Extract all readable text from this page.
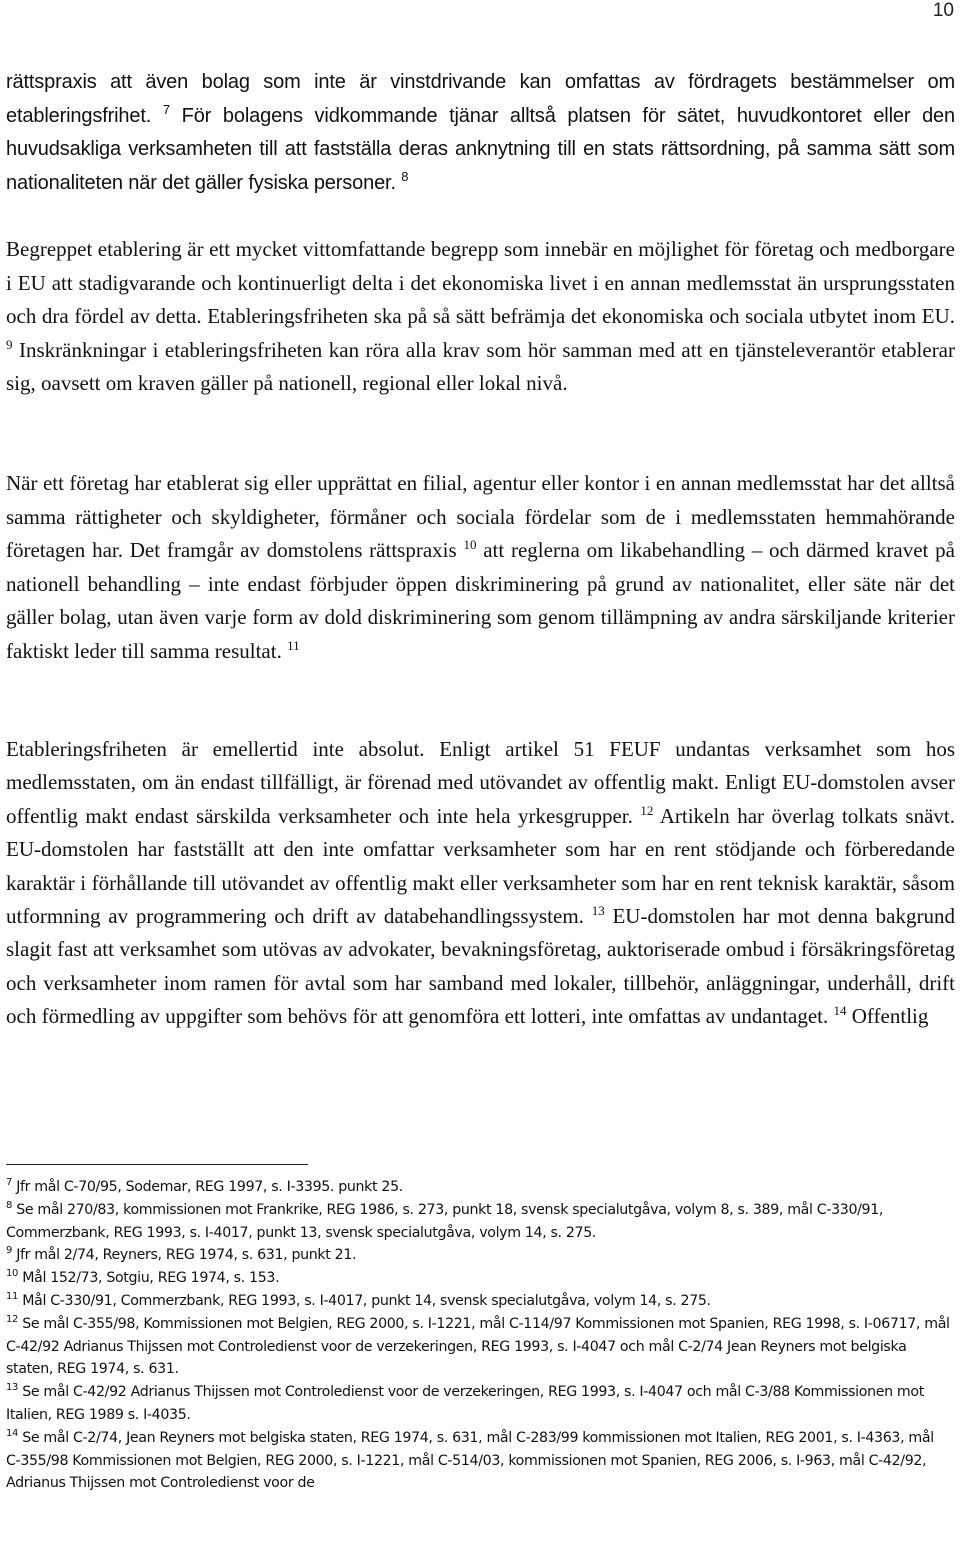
10

rättspraxis att även bolag som inte är vinstdrivande kan omfattas av fördragets bestämmelser om etableringsfrihet. $^7$ För bolagens vidkommande tjänar alltså platsen för sätet, huvudkontoret eller den huvudsakliga verksamheten till att fastställa deras anknytning till en stats rättsordning, på samma sätt som nationaliteten när det gäller fysiska personer. $^8$

Begreppet etablering är ett mycket vittomfattande begrepp som innebär en möjlighet för företag och medborgare i EU att stadigvarande och kontinuerligt delta i det ekonomiska livet i en annan medlemsstat än ursprungsstaten och dra fördel av detta. Etableringsfriheten ska på så sätt befrämja det ekonomiska och sociala utbytet inom EU. $^9$ Inskränkningar i etableringsfriheten kan röra alla krav som hör samman med att en tjänsteleverantör etablerar sig, oavsett om kraven gäller på nationell, regional eller lokal nivå.

När ett företag har etablerat sig eller upprättat en filial, agentur eller kontor i en annan medlemsstat har det alltså samma rättigheter och skyldigheter, förmåner och sociala fördelar som de i medlemsstaten hemmahörande företagen har. Det framgår av domstolens rättspraxis $^{10}$ att reglerna om likabehandling – och därmed kravet på nationell behandling – inte endast förbjuder öppen diskriminering på grund av nationalitet, eller säte när det gäller bolag, utan även varje form av dold diskriminering som genom tillämpning av andra särskiljande kriterier faktiskt leder till samma resultat. $^{11}$

Etableringsfriheten är emellertid inte absolut. Enligt artikel 51 FEUF undantas verksamhet som hos medlemsstaten, om än endast tillfälligt, är förenad med utövandet av offentlig makt. Enligt EU-domstolen avser offentlig makt endast särskilda verksamheter och inte hela yrkesgrupper. $^{12}$ Artikeln har överlag tolkats snävt. EU-domstolen har fastställt att den inte omfattar verksamheter som har en rent stödjande och förberedande karaktär i förhållande till utövandet av offentlig makt eller verksamheter som har en rent teknisk karaktär, såsom utformning av programmering och drift av databehandlingssystem. $^{13}$ EU-domstolen har mot denna bakgrund slagit fast att verksamhet som utövas av advokater, bevakningsföretag, auktoriserade ombud i försäkringsföretag och verksamheter inom ramen för avtal som har samband med lokaler, tillbehör, anläggningar, underhåll, drift och förmedling av uppgifter som behövs för att genomföra ett lotteri, inte omfattas av undantaget. $^{14}$ Offentlig

$^7$ Jfr mål C-70/95, Sodemar, REG 1997, s. I-3395. punkt 25.

$^8$ Se mål 270/83, kommissionen mot Frankrike, REG 1986, s. 273, punkt 18, svensk specialutgåva, volym 8, s. 389, mål C-330/91, Commerzbank, REG 1993, s. I-4017, punkt 13, svensk specialutgåva, volym 14, s. 275.

$^9$ Jfr mål 2/74, Reyners, REG 1974, s. 631, punkt 21.

$^{10}$ Mål 152/73, Sotgiu, REG 1974, s. 153.

$^{11}$ Mål C-330/91, Commerzbank, REG 1993, s. I-4017, punkt 14, svensk specialutgåva, volym 14, s. 275.

$^{12}$ Se mål C-355/98, Kommissionen mot Belgien, REG 2000, s. I-1221, mål C-114/97 Kommissionen mot Spanien, REG 1998, s. I-06717, mål C-42/92 Adrianus Thijssen mot Controledienst voor de verzekeringen, REG 1993, s. I-4047 och mål C-2/74 Jean Reyners mot belgiska staten, REG 1974, s. 631.

$^{13}$ Se mål C-42/92 Adrianus Thijssen mot Controledienst voor de verzekeringen, REG 1993, s. I-4047 och mål C-3/88 Kommissionen mot Italien, REG 1989 s. I-4035.

$^{14}$ Se mål C-2/74, Jean Reyners mot belgiska staten, REG 1974, s. 631, mål C-283/99 kommissionen mot Italien, REG 2001, s. I-4363, mål C-355/98 Kommissionen mot Belgien, REG 2000, s. I-1221, mål C-514/03, kommissionen mot Spanien, REG 2006, s. I-963, mål C-42/92, Adrianus Thijssen mot Controledienst voor de
